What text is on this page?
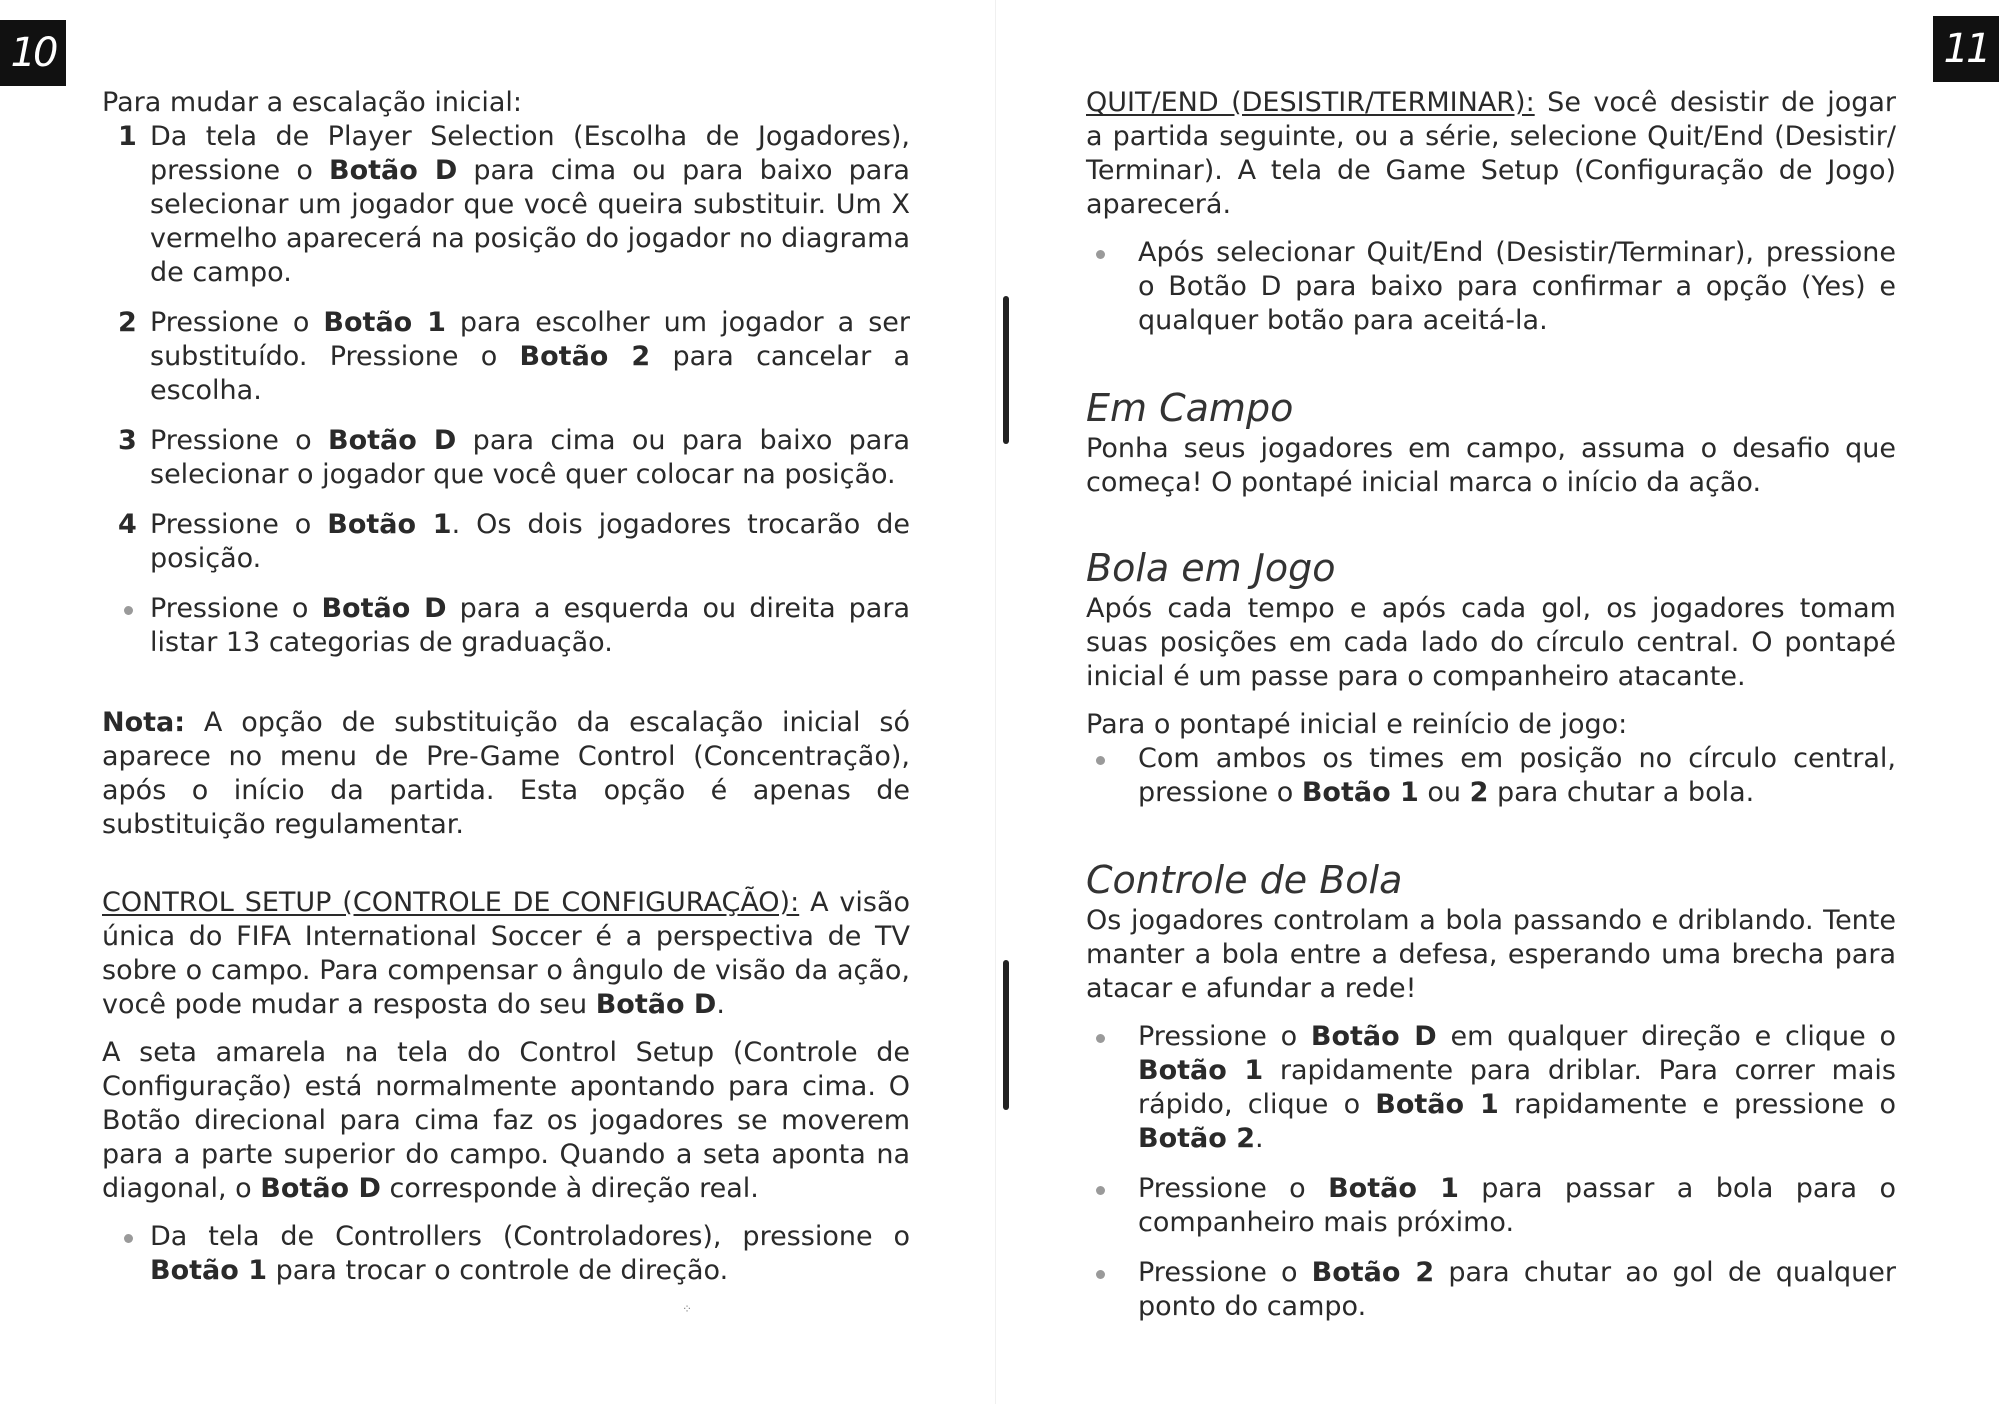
⁘
10

Para mudar a escalação inicial:

1 Da tela de Player Selection (Escolha de Jogadores), pressione o Botão D para cima ou para baixo para selecionar um jogador que você queira substituir. Um X vermelho aparecerá na posição do jogador no diagrama de campo.
2 Pressione o Botão 1 para escolher um jogador a ser substituído. Pressione o Botão 2 para cancelar a escolha.
3 Pressione o Botão D para cima ou para baixo para selecionar o jogador que você quer colocar na posição.
4 Pressione o Botão 1. Os dois jogadores trocarão de posição.
Pressione o Botão D para a esquerda ou direita para listar 13 categorias de graduação.

Nota: A opção de substituição da escalação inicial só aparece no menu de Pre-Game Control (Concentração), após o início da partida. Esta opção é apenas de substituição regulamentar.

CONTROL SETUP (CONTROLE DE CONFIGURAÇÃO): A visão única do FIFA International Soccer é a perspectiva de TV sobre o campo. Para compensar o ângulo de visão da ação, você pode mudar a resposta do seu Botão D.

A seta amarela na tela do Control Setup (Controle de Configuração) está normalmente apontando para cima. O Botão direcional para cima faz os jogadores se moverem para a parte superior do campo. Quando a seta aponta na diagonal, o Botão D corresponde à direção real.

Da tela de Controllers (Controladores), pressione o Botão 1 para trocar o controle de direção.
11

QUIT/END (DESISTIR/TERMINAR): Se você desistir de jogar a partida seguinte, ou a série, selecione Quit/End (Desistir/ Terminar). A tela de Game Setup (Configuração de Jogo) aparecerá.

Após selecionar Quit/End (Desistir/Terminar), pressione o Botão D para baixo para confirmar a opção (Yes) e qualquer botão para aceitá-la.
Em Campo

Ponha seus jogadores em campo, assuma o desafio que começa! O pontapé inicial marca o início da ação.

Bola em Jogo

Após cada tempo e após cada gol, os jogadores tomam suas posições em cada lado do círculo central. O pontapé inicial é um passe para o companheiro atacante.

Para o pontapé inicial e reinício de jogo:

Com ambos os times em posição no círculo central, pressione o Botão 1 ou 2 para chutar a bola.
Controle de Bola

Os jogadores controlam a bola passando e driblando. Tente manter a bola entre a defesa, esperando uma brecha para atacar e afundar a rede!

Pressione o Botão D em qualquer direção e clique o Botão 1 rapidamente para driblar. Para correr mais rápido, clique o Botão 1 rapidamente e pressione o Botão 2.
Pressione o Botão 1 para passar a bola para o companheiro mais próximo.
Pressione o Botão 2 para chutar ao gol de qualquer ponto do campo.
